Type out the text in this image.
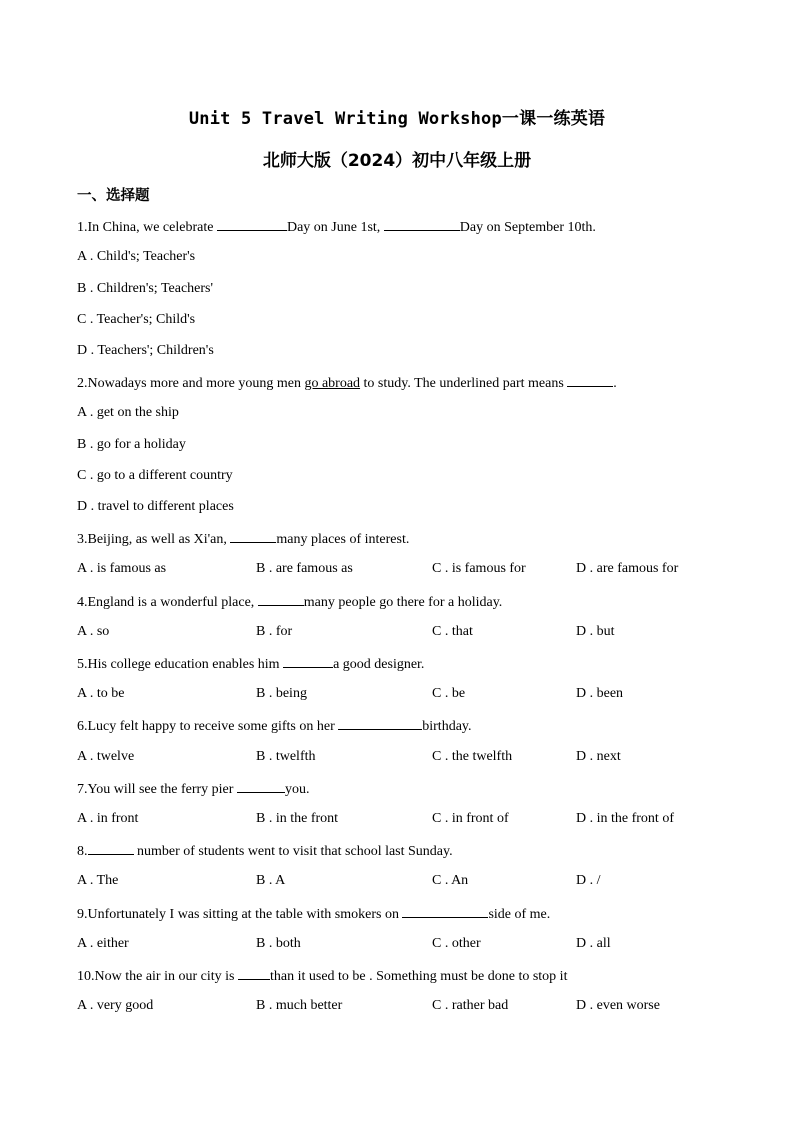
Unit 5 Travel Writing Workshop一课一练英语
北师大版（2024）初中八年级上册
一、选择题
1.In China, we celebrate	Day on June 1st,	Day on September 10th.
A . Child's; Teacher's
B . Children's; Teachers'
C . Teacher's; Child's
D . Teachers'; Children's
2.Nowadays more and more young men go abroad to study. The underlined part means	.
A . get on the ship
B . go for a holiday
C . go to a different country
D . travel to different places
3.Beijing, as well as Xi'an,	many places of interest.
A . is famous as	B . are famous as	C . is famous for	D . are famous for
4.England is a wonderful place,	many people go there for a holiday.
A . so	B . for	C . that	D . but
5.His college education enables him	a good designer.
A . to be	B . being	C . be	D . been
6.Lucy felt happy to receive some gifts on her	birthday.
A . twelve	B . twelfth	C . the twelfth	D . next
7.You will see the ferry pier	you.
A . in front	B . in the front	C . in front of	D . in the front of
8.	number of students went to visit that school last Sunday.
A . The	B . A	C . An	D . /
9.Unfortunately I was sitting at the table with smokers on	side of me.
A . either	B . both	C . other	D . all
10.Now the air in our city is than it used to be . Something must be done to stop it
A . very good	B . much better	C . rather bad	D . even worse
